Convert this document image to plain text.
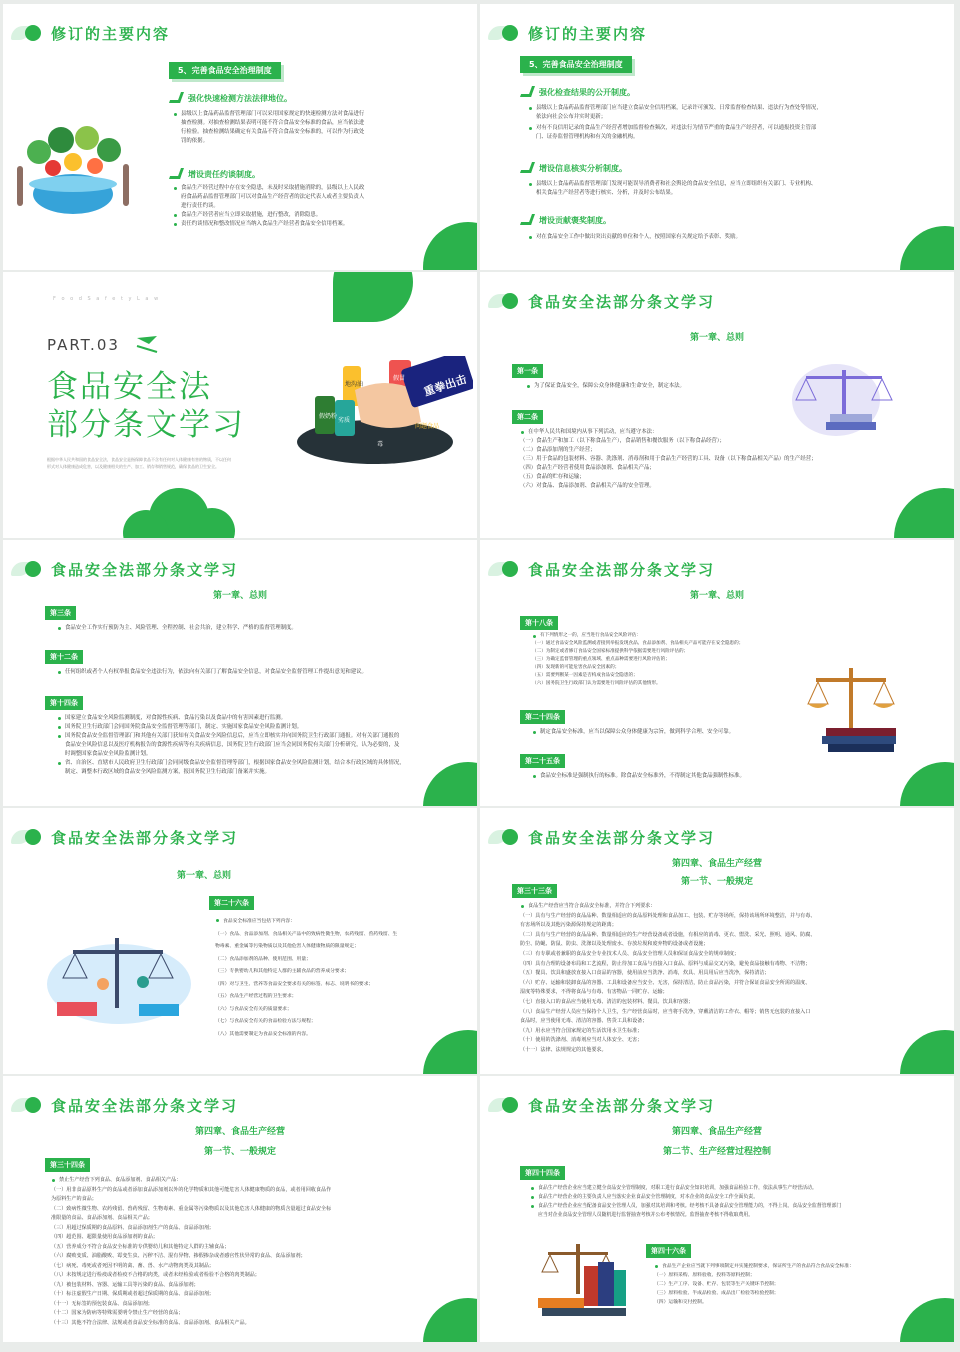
修订的主要内容
5、完善食品安全治理制度
强化快速检测方法法律地位。
县级以上食品药品监督管理部门可以采用国家规定的快速检测方法对食品进行
抽查检测。对抽查检测结果表明可能不符合食品安全标准的食品，应当依法进
行检验。抽查检测结果确定有关食品不符合食品安全标准的，可以作为行政处
罚的依据。
增设责任约谈制度。
食品生产经营过程中存在安全隐患，未及时采取措施消除的，县级以上人民政
府食品药品监督管理部门可以对食品生产经营者的法定代表人或者主要负责人
进行责任约谈。
食品生产经营者应当立即采取措施，进行整改，消除隐患。
责任约谈情况和整改情况应当纳入食品生产经营者食品安全信用档案。
修订的主要内容
5、完善食品安全治理制度
强化检查结果的公开制度。
县级以上食品药品监督管理部门应当建立食品安全信用档案，记录许可颁发、日常监督检查结果、违法行为查处等情况，
依法向社会公布并实时更新；
对有不良信用记录的食品生产经营者增加监督检查频次，对违法行为情节严重的食品生产经营者，可以通报投资主管部
门、证券监督管理机构和有关的金融机构。
增设信息核实分析制度。
县级以上食品药品监督管理部门发现可能误导消费者和社会舆论的食品安全信息，应当立即组织有关部门、专业机构、
相关食品生产经营者等进行核实、分析，并及时公布结果。
增设贡献褒奖制度。
对在食品安全工作中做出突出贡献的单位和个人，按照国家有关规定给予表彰、奖励。
F o o d S a f e t y L a w
PART.03
食品安全法
部分条文学习
根据中华人民共和国的食品安全法，食品安全是指保障食品不含有任何对人体健康有害的物质，不以任何
形式对人体健康造成危害，以及健康相关的生产、加工、销存和销售规范，确保食品的卫生安全。
重拳出击
假奶粉
劣质
地沟油
假冒
毒
问题食品
食品安全法部分条文学习
第一章、总则
第一条
为了保证食品安全，保障公众身体健康和生命安全，制定本法。
第二条
在中华人民共和国境内从事下列活动，应当遵守本法：
（一）食品生产和加工（以下称食品生产），食品销售和餐饮服务（以下称食品经营）；
（二）食品添加剂的生产经营；
（三）用于食品的包装材料、容器、洗涤剂、消毒剂和用于食品生产经营的工具、设备（以下称食品相关产品）的生产经营；
（四）食品生产经营者使用食品添加剂、食品相关产品；
（五）食品的贮存和运输；
（六）对食品、食品添加剂、食品相关产品的安全管理。
食品安全法部分条文学习
第一章、总则
第三条
食品安全工作实行预防为主、风险管理、全程控制、社会共治，建立科学、严格的监督管理制度。
第十二条
任何组织或者个人有权举报食品安全违法行为，依法向有关部门了解食品安全信息，对食品安全监督管理工作提出意见和建议。
第十四条
国家建立食品安全风险监测制度，对食源性疾病、食品污染以及食品中的有害因素进行监测。
国务院卫生行政部门会同国务院食品安全监督管理等部门，制定、实施国家食品安全风险监测计划。
国务院食品安全监督管理部门和其他有关部门获知有关食品安全风险信息后，应当立即核实并向国务院卫生行政部门通报。对有关部门通报的
食品安全风险信息以及医疗机构报告的食源性疾病等有关疾病信息，国务院卫生行政部门应当会同国务院有关部门分析研究，认为必要的，及
时调整国家食品安全风险监测计划。
省、自治区、直辖市人民政府卫生行政部门会同同级食品安全监督管理等部门，根据国家食品安全风险监测计划，结合本行政区域的具体情况，
制定、调整本行政区域的食品安全风险监测方案，报国务院卫生行政部门备案并实施。
食品安全法部分条文学习
第一章、总则
第十八条
有下列情形之一的，应当进行食品安全风险评估：
（一）通过食品安全风险监测或者接到举报发现食品、食品添加剂、食品相关产品可能存在安全隐患的；
（二）为制定或者修订食品安全国家标准提供科学依据需要进行风险评估的；
（三）为确定监督管理的重点领域、重点品种需要进行风险评估的；
（四）发现新的可能危害食品安全因素的；
（五）需要判断某一因素是否构成食品安全隐患的；
（六）国务院卫生行政部门认为需要进行风险评估的其他情形。
第二十四条
制定食品安全标准，应当以保障公众身体健康为宗旨，做到科学合理、安全可靠。
第二十五条
食品安全标准是强制执行的标准。除食品安全标准外，不得制定其他食品强制性标准。
食品安全法部分条文学习
第一章、总则
第二十六条
食品安全标准应当包括下列内容：
（一）食品、食品添加剂、食品相关产品中的致病性微生物，农药残留、兽药残留、生
物毒素、重金属等污染物质以及其他危害人体健康物质的限量规定；
（二）食品添加剂的品种、使用范围、用量；
（三）专供婴幼儿和其他特定人群的主辅食品的营养成分要求；
（四）对与卫生、营养等食品安全要求有关的标签、标志、说明书的要求；
（五）食品生产经营过程的卫生要求；
（六）与食品安全有关的质量要求；
（七）与食品安全有关的食品检验方法与规程；
（八）其他需要制定为食品安全标准的内容。
食品安全法部分条文学习
第四章、食品生产经营
第一节、一般规定
第三十三条
食品生产经营应当符合食品安全标准，并符合下列要求：
（一）具有与生产经营的食品品种、数量相适应的食品原料处理和食品加工、包装、贮存等场所，保持该场所环境整洁，并与有毒、
有害场所以及其他污染源保持规定的距离；
（二）具有与生产经营的食品品种、数量相适应的生产经营设备或者设施，有相应的消毒、更衣、盥洗、采光、照明、通风、防腐、
防尘、防蝇、防鼠、防虫、洗涤以及处理废水、存放垃圾和废弃物的设备或者设施；
（三）有专职或者兼职的食品安全专业技术人员、食品安全管理人员和保证食品安全的规章制度；
（四）具有合理的设备布局和工艺流程，防止待加工食品与直接入口食品、原料与成品交叉污染，避免食品接触有毒物、不洁物；
（五）餐具、饮具和盛放直接入口食品的容器，使用前应当洗净、消毒，炊具、用具用后应当洗净，保持清洁；
（六）贮存、运输和装卸食品的容器、工具和设备应当安全、无害，保持清洁，防止食品污染，并符合保证食品安全所需的温度、
湿度等特殊要求，不得将食品与有毒、有害物品一同贮存、运输；
（七）直接入口的食品应当使用无毒、清洁的包装材料、餐具、饮具和容器；
（八）食品生产经营人员应当保持个人卫生，生产经营食品时，应当将手洗净，穿戴清洁的工作衣、帽等；销售无包装的直接入口
食品时，应当使用无毒、清洁的容器、售货工具和设备；
（九）用水应当符合国家规定的生活饮用水卫生标准；
（十）使用的洗涤剂、消毒剂应当对人体安全、无害；
（十一）法律、法规规定的其他要求。
食品安全法部分条文学习
第四章、食品生产经营
第一节、一般规定
第三十四条
禁止生产经营下列食品、食品添加剂、食品相关产品：
（一）用非食品原料生产的食品或者添加食品添加剂以外的化学物质和其他可能危害人体健康物质的食品，或者用回收食品作
为原料生产的食品；
（二）致病性微生物、农药残留、兽药残留、生物毒素、重金属等污染物质以及其他危害人体健康的物质含量超过食品安全标
准限量的食品、食品添加剂、食品相关产品；
（三）用超过保质期的食品原料、食品添加剂生产的食品、食品添加剂；
（四）超范围、超限量使用食品添加剂的食品；
（五）营养成分不符合食品安全标准的专供婴幼儿和其他特定人群的主辅食品；
（六）腐败变质、油脂酸败、霉变生虫、污秽不洁、混有异物、掺假掺杂或者感官性状异常的食品、食品添加剂；
（七）病死、毒死或者死因不明的禽、畜、兽、水产动物肉类及其制品；
（八）未按规定进行检疫或者检疫不合格的肉类，或者未经检验或者检验不合格的肉类制品；
（九）被包装材料、容器、运输工具等污染的食品、食品添加剂；
（十）标注虚假生产日期、保质期或者超过保质期的食品、食品添加剂；
（十一）无标签的预包装食品、食品添加剂；
（十二）国家为防病等特殊需要明令禁止生产经营的食品；
（十三）其他不符合法律、法规或者食品安全标准的食品、食品添加剂、食品相关产品。
食品安全法部分条文学习
第四章、食品生产经营
第二节、生产经营过程控制
第四十四条
食品生产经营企业应当建立健全食品安全管理制度，对职工进行食品安全知识培训，加强食品检验工作，依法从事生产经营活动。
食品生产经营企业的主要负责人应当落实企业食品安全管理制度，对本企业的食品安全工作全面负责。
食品生产经营企业应当配备食品安全管理人员，加强对其培训和考核。经考核不具备食品安全管理能力的，不得上岗。食品安全监督管理部门
应当对企业食品安全管理人员随机进行监督抽查考核并公布考核情况。监督抽查考核不得收取费用。
第四十六条
食品生产企业应当就下列事项制定并实施控制要求，保证所生产的食品符合食品安全标准：
（一）原料采购、原料验收、投料等原料控制；
（二）生产工序、设备、贮存、包装等生产关键环节控制；
（三）原料检验、半成品检验、成品出厂检验等检验控制；
（四）运输和交付控制。
